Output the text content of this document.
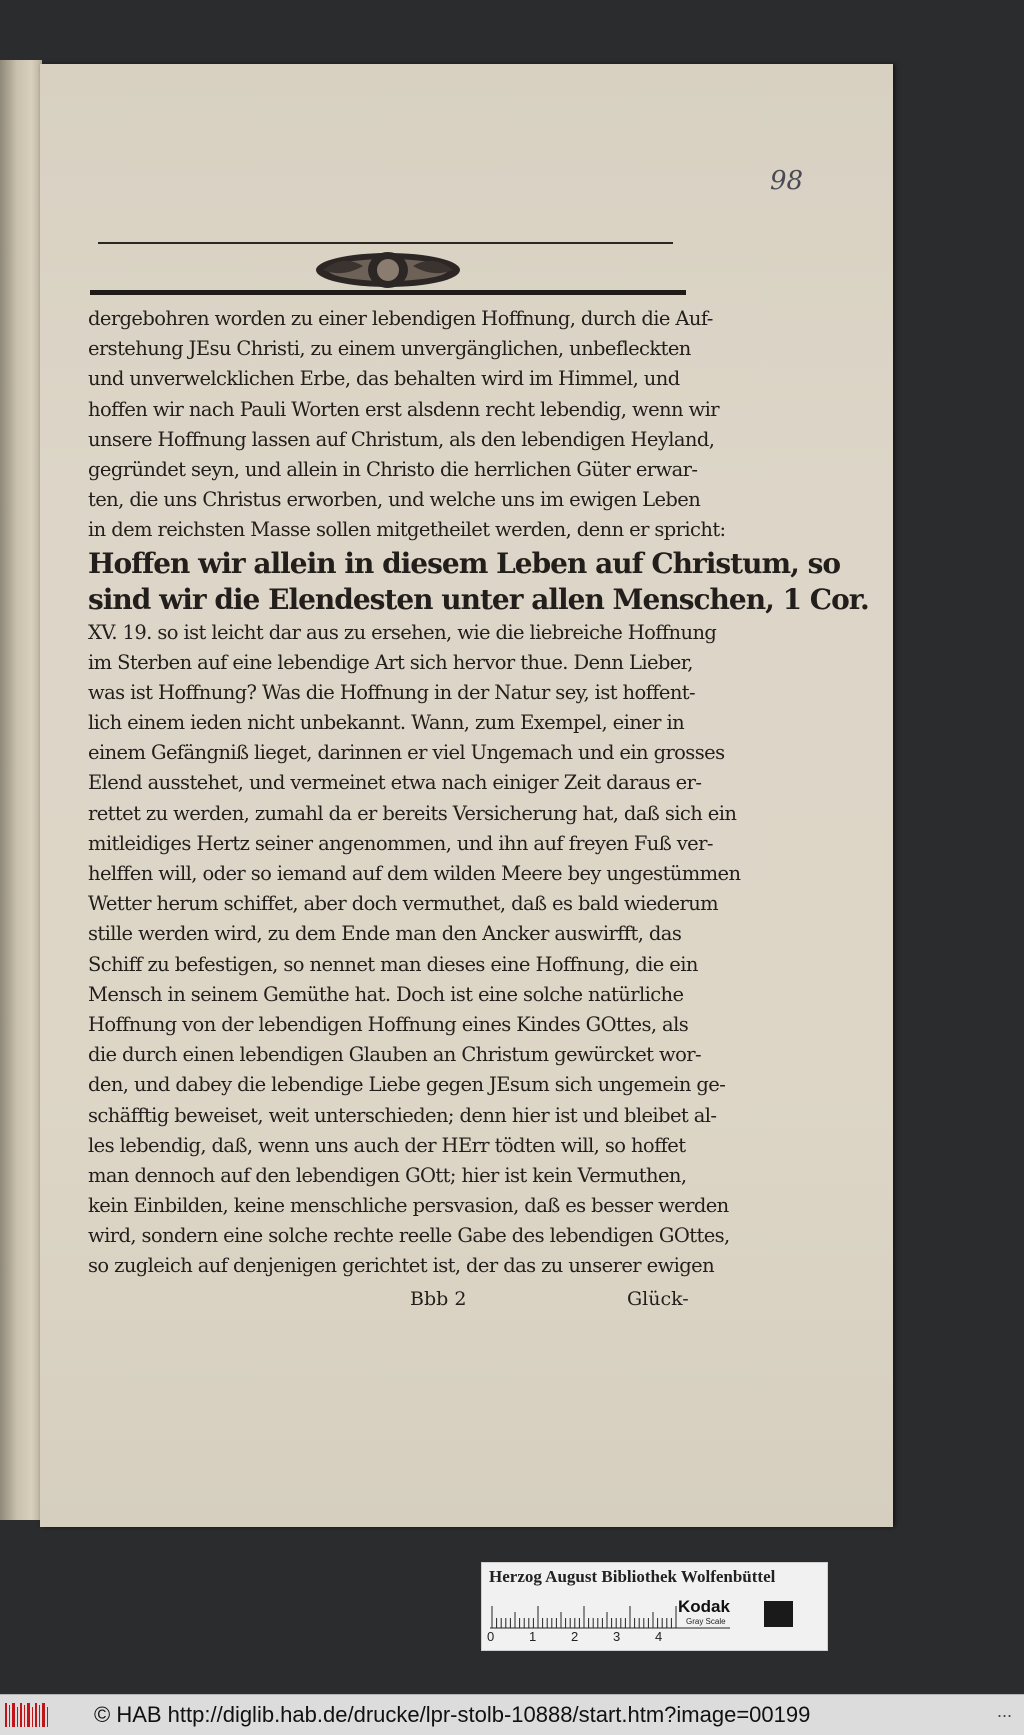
98
dergebohren worden zu einer lebendigen Hoffnung, durch die Auf-
erstehung JEsu Christi, zu einem unvergänglichen, unbefleckten
und unverwelcklichen Erbe, das behalten wird im Himmel, und
hoffen wir nach Pauli Worten erst alsdenn recht lebendig, wenn wir
unsere Hoffnung lassen auf Christum, als den lebendigen Heyland,
gegründet seyn, und allein in Christo die herrlichen Güter erwar-
ten, die uns Christus erworben, und welche uns im ewigen Leben
in dem reichsten Masse sollen mitgetheilet werden, denn er spricht:
Hoffen wir allein in diesem Leben auf Christum, so
sind wir die Elendesten unter allen Menschen, 1 Cor.
XV. 19. so ist leicht dar aus zu ersehen, wie die liebreiche Hoffnung
im Sterben auf eine lebendige Art sich hervor thue. Denn Lieber,
was ist Hoffnung? Was die Hoffnung in der Natur sey, ist hoffent-
lich einem ieden nicht unbekannt. Wann, zum Exempel, einer in
einem Gefängniß lieget, darinnen er viel Ungemach und ein grosses
Elend ausstehet, und vermeinet etwa nach einiger Zeit daraus er-
rettet zu werden, zumahl da er bereits Versicherung hat, daß sich ein
mitleidiges Hertz seiner angenommen, und ihn auf freyen Fuß ver-
helffen will, oder so iemand auf dem wilden Meere bey ungestümmen
Wetter herum schiffet, aber doch vermuthet, daß es bald wiederum
stille werden wird, zu dem Ende man den Ancker auswirfft, das
Schiff zu befestigen, so nennet man dieses eine Hoffnung, die ein
Mensch in seinem Gemüthe hat. Doch ist eine solche natürliche
Hoffnung von der lebendigen Hoffnung eines Kindes GOttes, als
die durch einen lebendigen Glauben an Christum gewürcket wor-
den, und dabey die lebendige Liebe gegen JEsum sich ungemein ge-
schäfftig beweiset, weit unterschieden; denn hier ist und bleibet al-
les lebendig, daß, wenn uns auch der HErr tödten will, so hoffet
man dennoch auf den lebendigen GOtt; hier ist kein Vermuthen,
kein Einbilden, keine menschliche persvasion, daß es besser werden
wird, sondern eine solche rechte reelle Gabe des lebendigen GOttes,
so zugleich auf denjenigen gerichtet ist, der das zu unserer ewigen
Bbb 2	Glück-
Herzog August Bibliothek Wolfenbüttel
0	1	2	3	4
Kodak
Gray Scale
© HAB http://diglib.hab.de/drucke/lpr-stolb-10888/start.htm?image=00199	...
